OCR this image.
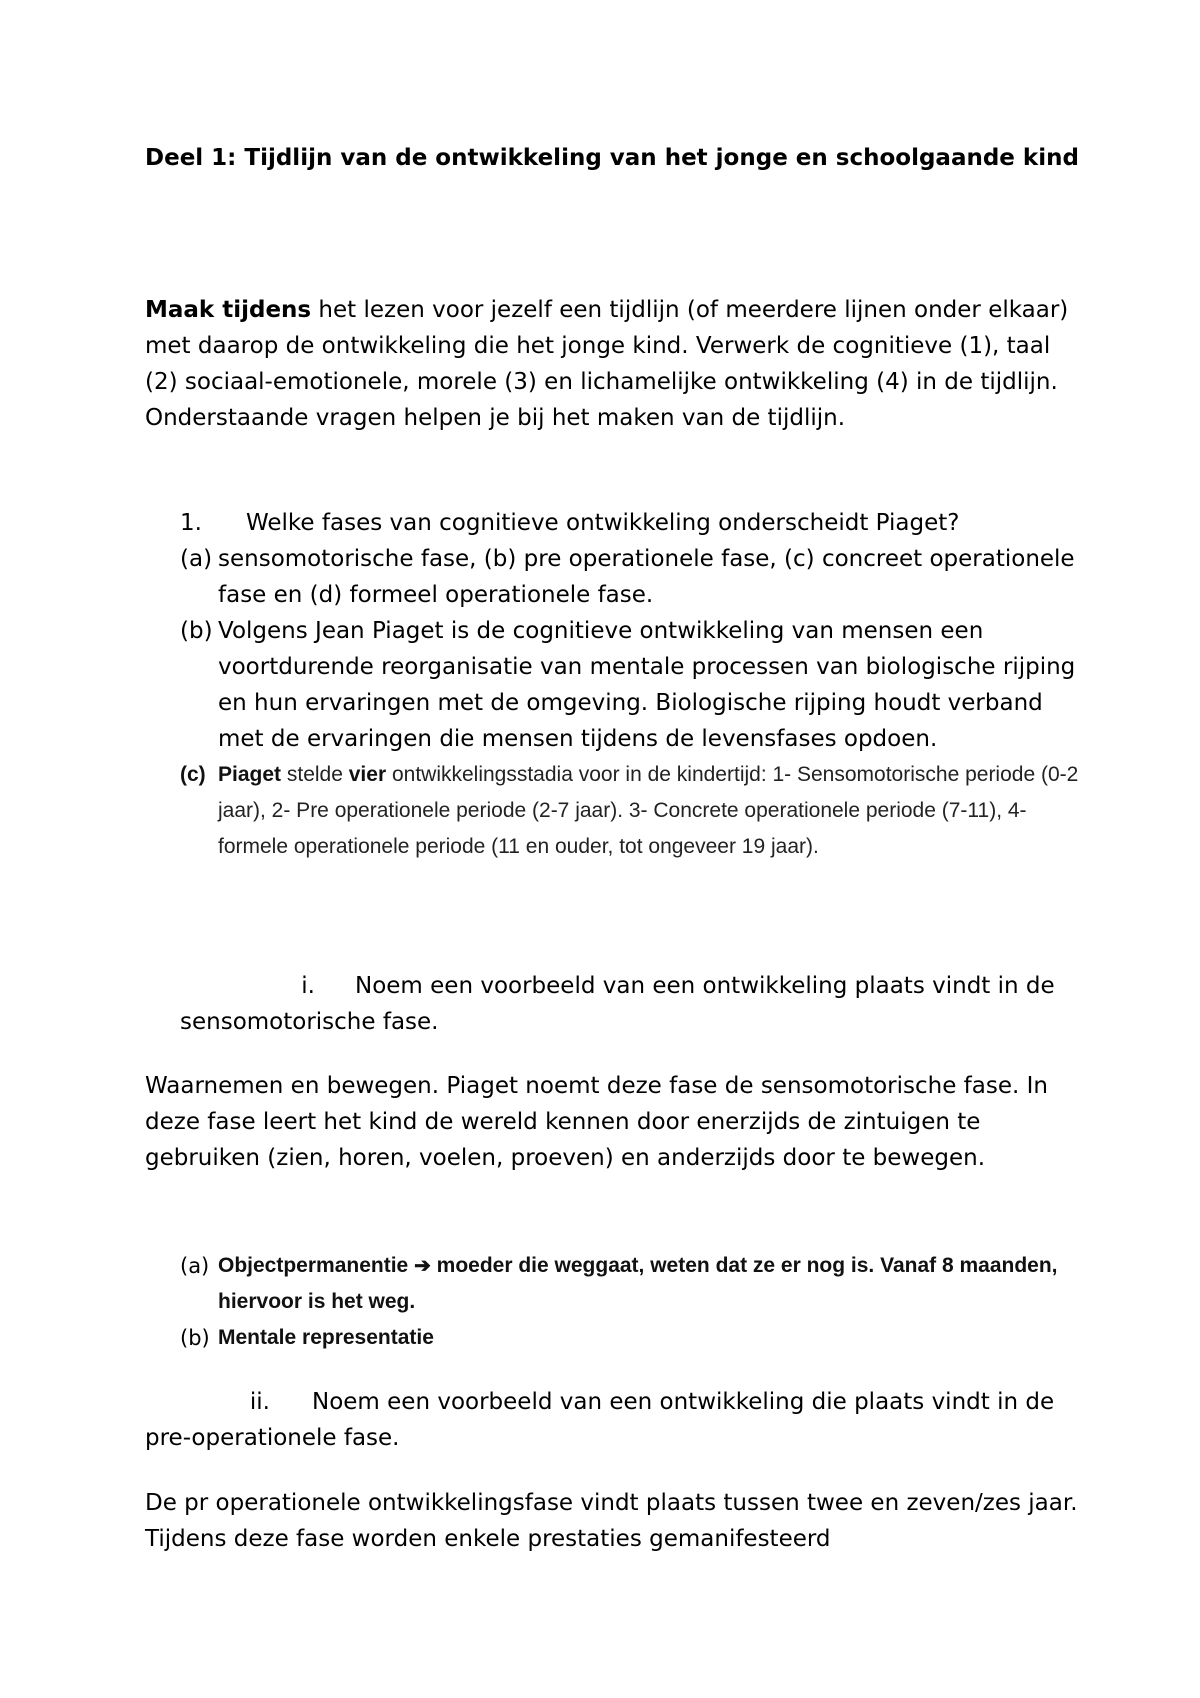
Deel 1: Tijdlijn van de ontwikkeling van het jonge en schoolgaande kind

Maak tijdens het lezen voor jezelf een tijdlijn (of meerdere lijnen onder elkaar) met daarop de ontwikkeling die het jonge kind. Verwerk de cognitieve (1), taal (2) sociaal-emotionele, morele (3) en lichamelijke ontwikkeling (4) in de tijdlijn. Onderstaande vragen helpen je bij het maken van de tijdlijn.

1. Welke fases van cognitieve ontwikkeling onderscheidt Piaget?

(a) sensomotorische fase, (b) pre operationele fase, (c) concreet operationele fase en (d) formeel operationele fase.
(b) Volgens Jean Piaget is de cognitieve ontwikkeling van mensen een voortdurende reorganisatie van mentale processen van biologische rijping en hun ervaringen met de omgeving. Biologische rijping houdt verband met de ervaringen die mensen tijdens de levensfases opdoen.
(c) Piaget stelde vier ontwikkelingsstadia voor in de kindertijd: 1- Sensomotorische periode (0-2 jaar), 2- Pre operationele periode (2-7 jaar). 3- Concrete operationele periode (7-11), 4- formele operationele periode (11 en ouder, tot ongeveer 19 jaar).

i. Noem een voorbeeld van een ontwikkeling plaats vindt in de sensomotorische fase.

Waarnemen en bewegen. Piaget noemt deze fase de sensomotorische fase. In deze fase leert het kind de wereld kennen door enerzijds de zintuigen te gebruiken (zien, horen, voelen, proeven) en anderzijds door te bewegen.

(a) Objectpermanentie ➔ moeder die weggaat, weten dat ze er nog is. Vanaf 8 maanden, hiervoor is het weg.
(b) Mentale representatie

ii. Noem een voorbeeld van een ontwikkeling die plaats vindt in de pre-operationele fase.

De pr operationele ontwikkelingsfase vindt plaats tussen twee en zeven/zes jaar. Tijdens deze fase worden enkele prestaties gemanifesteerd
